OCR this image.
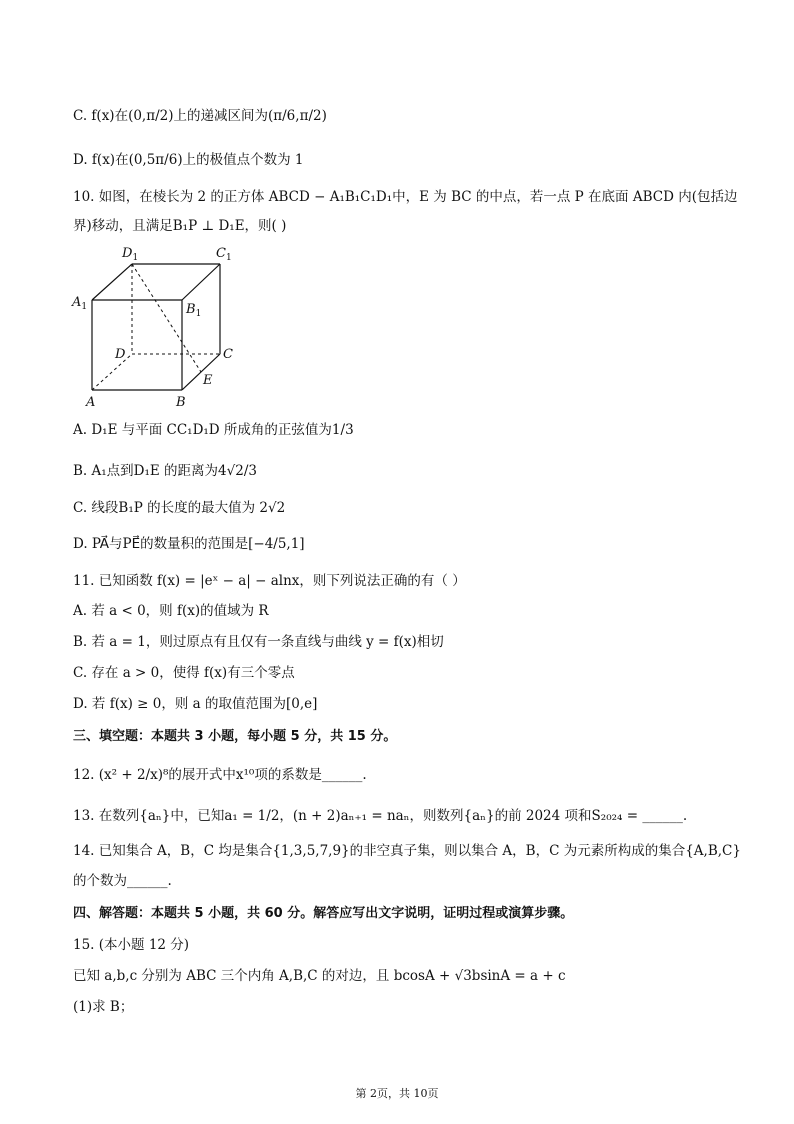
C. f(x)在(0,π/2)上的递减区间为(π/6,π/2)
D. f(x)在(0,5π/6)上的极值点个数为 1
10. 如图，在棱长为 2 的正方体 ABCD − A₁B₁C₁D₁中，E 为 BC 的中点，若一点 P 在底面 ABCD 内(包括边
界)移动，且满足B₁P ⊥ D₁E，则( )
$D_1$	$C_1$
$A_1$	$B_1$
D	C
E
A	B
A. D₁E 与平面 CC₁D₁D 所成角的正弦值为1/3
B. A₁点到D₁E 的距离为4√2/3
C. 线段B₁P 的长度的最大值为 2√2
D. PA⃗与PE⃗的数量积的范围是[−4/5,1]
11. 已知函数 f(x) = |eˣ − a| − alnx，则下列说法正确的有（ ）
A. 若 a < 0，则 f(x)的值域为 R
B. 若 a = 1，则过原点有且仅有一条直线与曲线 y = f(x)相切
C. 存在 a > 0，使得 f(x)有三个零点
D. 若 f(x) ≥ 0，则 a 的取值范围为[0,e]
三、填空题：本题共 3 小题，每小题 5 分，共 15 分。
12. (x² + 2/x)⁸的展开式中x¹⁰项的系数是______.
13. 在数列{aₙ}中，已知a₁ = 1/2，(n + 2)aₙ₊₁ = naₙ，则数列{aₙ}的前 2024 项和S₂₀₂₄ = ______.
14. 已知集合 A，B，C 均是集合{1,3,5,7,9}的非空真子集，则以集合 A，B，C 为元素所构成的集合{A,B,C}
的个数为______.
四、解答题：本题共 5 小题，共 60 分。解答应写出文字说明，证明过程或演算步骤。
15. (本小题 12 分)
已知 a,b,c 分别为 ABC 三个内角 A,B,C 的对边，且 bcosA + √3bsinA = a + c
(1)求 B；
第 2页，共 10页
